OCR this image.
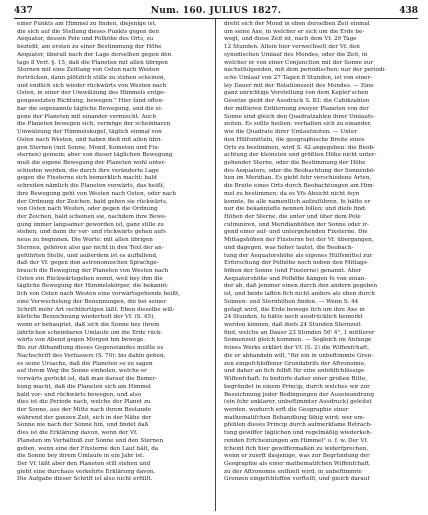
437	Num. 160. JULIUS 1827.	438
einer Punkts am Himmel zu finden, diejenige ist,
die sich auf die Stellung dieses Punkts gegen den
Aequator, dessen Pole und Polhöhe des Orts, zu
bezieht, am ersten zu einer Bestimmung der Höhe
Aequator, überall nach der Lage derselben gegen den
tags 8 Verf. §. 15, daß die Planeten mit allen übrigen
Sternen mit eine Zeitlang von Osten nach Westen
fortrücken, dann plötzlich stille zu stehen scheinen,
und endlich sich wieder rückwärts von Westen nach
Osten, in einer der Umwälzung des Himmels entge-
gengesetzten Richtung, bewegen." Hier fand offen-
bar die sogenannte tägliche Bewegung, und die ei-
gene der Planeten mit einander vermischt. Auch
die Planeten bewegen sich, vermöge der scheinbaren
Umwälzung der Himmelskugel, täglich einmal von
Osten nach Westen, und haben dieß mit allen übri-
gen Sternen (mit Sonne, Mond, Kometen und Fix-
sternen) gemein; aber von dieser täglichen Bewegung
muß die eigene Bewegung der Planeten wohl unter-
schieden werden, die durch ihre veränderte Lage
gegen die Fixsterne sich bemerklich macht; bald
schreiten nämlich die Planeten vorwärts, das heißt,
ihre Bewegung geht von Westen nach Osten, oder nach
der Ordnung der Zeichen, bald gehen sie rückwärts,
von Osten nach Westen, oder gegen die Ordnung
der Zeichen, bald scheinen sie, nachdem ihre Bewe-
gung immer langsamer geworden ist, ganz stille zu
stehen, und dann ihr vor- und rückwärts gehen aufs
neue zu beginnen. Die Worte: mit allen übrigen
Sternen, gehören also gar nicht in den Text der an-
geführten Stelle, und außerdem ist es auffallend,
daß der Vf. gegen den astronomischen Sprachge-
brauch die Bewegung der Planeten von Westen nach
Osten ein Rückwärtsgehen nennt, weil bey ihm die
tägliche Bewegung der Himmelskörper, die bekannt-
lich von Osten nach Westen eine vorwärtsgehende heißt,
eine Verwechslung der Benennungen, die bei seiner
Schrift mehr Art rechtfertigen läßt. Eben dieselbe will-
kürliche Bezeichnung wiederholt der Vf. (S. 45),
wenn er behauptet, daß sich die Sonne bey ihrem
jährlichen scheinbaren Umlaufe um die Erde rück-
wärts von Abend gegen Morgen hin bewege.
Bis zur Abhandlung dieses Gegenstandes mußte es
Nachschrift des Verfassers (S. 70): bis dahin gehen,
es seine Ursache, daß die Planeten so zu sagen
auf ihrem Weg die Sonne einholen, welche er
vorwärts gerückt ist, daß man darauf die Bemer-
kung macht, daß die Planeten sich am Himmel
bald vor- und rückwärts bewegen, und also
dies ist die Periode nach, welche der Planet zu
der Sonne, aus der Mitte nach ihrem Bestande
während der ganzen Zeit, sich in der Nähe der
Sonne nie nach der Sonne hin, und findet daß
dies ist die Erklärung davon, wenn der Vf.
Planeten im Verhältniß zur Sonne und den Sternen
gehen, wenn eine der Fixsterne den Lauf hält, da
die Sonne bey ihrem Umlaufe in ein Jahr ist.
Der Vf. läßt aber den Planeten still stehen und
giebt eine durchaus verkehrte Erklärung davon.
Die Aufgabe dieser Schrift ist also nicht erfüllt.
dreht sich der Mond in eben derselben Zeit einmal
um seine Axe, in welcher er sich um die Erde be-
wegt, und diese Zeit ist, nach dem Vf. 29 Tage
12 Stunden. Allein hier verwechselt der Vf. den
synodischen Umlauf des Mondes, oder die Zeit, in
welcher er von einer Conjunction mit der Sonne zur
nächstfolgenden, mit dem periodischen; nur der periodi-
sche Umlauf von 27 Tagen 8 Stunden, ist von einer-
ley Dauer mit der Rotationszeit des Mondes. — Eine
ganz unrichtige Vorstellung von dem Kepler'schen
Gesetze giebt der Ausdruck S. 83: die Cubikzahlen
der mittleren Entfernung zweyer Planeten von der
Sonne sind gleich den Quadratzahlen ihrer Umlaufs-
zeiten. Es sollte heißen: verhalten sich zu einander,
wie die Quadrate ihrer Umlaufzeiten. — Unter
den Hülfsmitteln, die geographische Breite eines
Orts zu bestimmen, wird S. 42 angegeben: die Beob-
achtung der kleinsten und größten Höhe nicht unter-
gehender Sterne, oder die Bestimmung der Höhe
des Aequators, oder die Beobachtung der Sonnenhö-
hen im Meridian. Es giebt fehr verschiedene Arten,
die Breite eines Orts durch Beobachtungen am Him-
mel zu bestimmen; da es Vfs Absicht nicht feyn
konnte, fie alle namentlich aufzuführen, fo hätte er
nur die bekanntefte nennen follen; und diefe find:
Höhen der Sterne, die unter und über dem Pole
culminiren, und Meridianhöhen der Sonne oder ir-
gend einer auf- und untergehenden Fixsterne. Die
Mittagshöhen der Fixsterne bei der Vf. übergangen,
und dagegen, was hoher lautet, die Beobach-
tung der Aequatorshöhe als eigenes Hülfsmittel zur
Erforschung der Polhöhe noch neben den Mittags-
höhen der Sonne (und Fixsterne) genannt. Aber
Aequatorshöhe und Polhöhe hängen fo von einan-
der ab, daß jemmer einen durch den andern gegeben
ist, und beide laffen fich nicht anders als eben durch
Sonnen- und Sternhöhen finden. — Wenn S. 44
gefagt wird, die Erde bewege fich um ihre Axe in
24 Stunden, fo hätte noch ausdrücklich bemerkt
werden können, daß diefs 24 Stunden Sternzeit
find, welche an Dauer 23 Stunden 56' 4", 1 mittlerer
Sonnenzeit gleich kommen. — Sogleich im Anfange
feines Werks erklärt der Vf. (S. 2) die Wiffenfchaft,
die er abhandeln will, "für ein in unbeftimmte Gren-
zen eingefchloffener Grundabrifs der Aftronomie,
und daher an fich felbft für eine unfehlfchlüssige
Wiffenfchaft; fo bedürfe daher einer großen Bitte,
begründet in einem Princip, durch welches wir zur
Bezeichnung jeder Bedingungen der Auseinandrung
(ein fehr unklarer, unbeftimmter Ausdruck) geleitet
werden, wodurch erft die Geographie einer
mathematifchen Behandlung fähig wird; wer em-
pfehlen dieses Princip durch aufmerkfame Betrach-
tung gewiffer täglichen und regelmäßig wiederkeh-
renden Erfcheinungen am Himmel" u. f. w. Der Vf.
fcheint fich hier gewiffermaßen zu widerfprechen,
wenn er zuerft dasjenige, was zur Begründung der
Geographie als einer mathematifchen Wiffenfchaft,
zu der Aftronomie enthielt wird, in unbeftimmte
Grenzen eingefchloffen vorftellt, und gleich darauf
